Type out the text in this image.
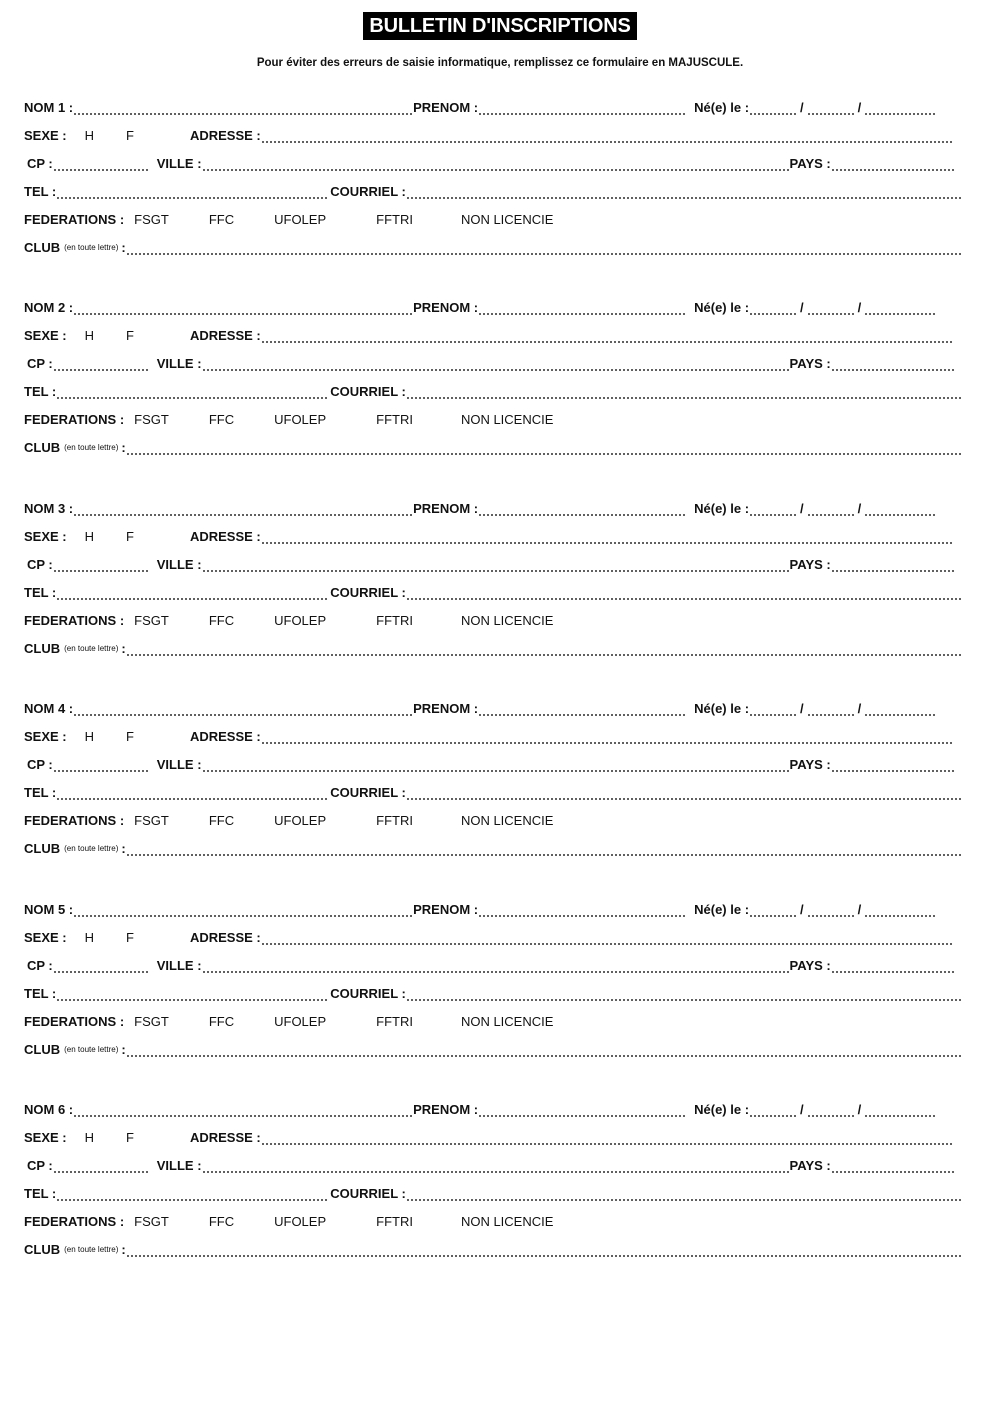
BULLETIN D'INSCRIPTIONS
Pour éviter des erreurs de saisie informatique, remplissez ce formulaire en MAJUSCULE.
NOM 1 :	PRENOM :	Né(e) le :	/	/
SEXE : H F	ADRESSE :
CP :	VILLE :	PAYS :
TEL :	COURRIEL :
FEDERATIONS : FSGT	FFC	UFOLEP	FFTRI	NON LICENCIE
CLUB (en toute lettre) :
NOM 2 :	PRENOM :	Né(e) le :	/	/
SEXE : H F	ADRESSE :
CP :	VILLE :	PAYS :
TEL :	COURRIEL :
FEDERATIONS : FSGT	FFC	UFOLEP	FFTRI	NON LICENCIE
CLUB (en toute lettre) :
NOM 3 :	PRENOM :	Né(e) le :	/	/
SEXE : H F	ADRESSE :
CP :	VILLE :	PAYS :
TEL :	COURRIEL :
FEDERATIONS : FSGT	FFC	UFOLEP	FFTRI	NON LICENCIE
CLUB (en toute lettre) :
NOM 4 :	PRENOM :	Né(e) le :	/	/
SEXE : H F	ADRESSE :
CP :	VILLE :	PAYS :
TEL :	COURRIEL :
FEDERATIONS : FSGT	FFC	UFOLEP	FFTRI	NON LICENCIE
CLUB (en toute lettre) :
NOM 5 :	PRENOM :	Né(e) le :	/	/
SEXE : H F	ADRESSE :
CP :	VILLE :	PAYS :
TEL :	COURRIEL :
FEDERATIONS : FSGT	FFC	UFOLEP	FFTRI	NON LICENCIE
CLUB (en toute lettre) :
NOM 6 :	PRENOM :	Né(e) le :	/	/
SEXE : H F	ADRESSE :
CP :	VILLE :	PAYS :
TEL :	COURRIEL :
FEDERATIONS : FSGT	FFC	UFOLEP	FFTRI	NON LICENCIE
CLUB (en toute lettre) :
